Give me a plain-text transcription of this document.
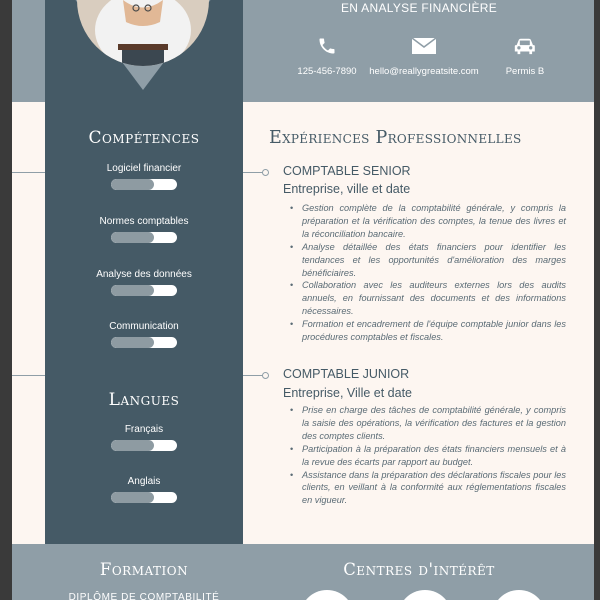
EN ANALYSE FINANCIÈRE
125-456-7890	hello@reallygreatsite.com	Permis B
Compétences
Logiciel financier
Normes comptables
Analyse des données
Communication
Langues
Français
Anglais
Expériences Professionnelles
COMPTABLE SENIOR
Entreprise, ville et date
• Gestion complète de la comptabilité générale, y compris la préparation et la vérification des comptes, la tenue des livres et la réconciliation bancaire.
• Analyse détaillée des états financiers pour identifier les tendances et les opportunités d'amélioration des marges bénéficiaires.
• Collaboration avec les auditeurs externes lors des audits annuels, en fournissant des documents et des informations nécessaires.
• Formation et encadrement de l'équipe comptable junior dans les procédures comptables et fiscales.
COMPTABLE JUNIOR
Entreprise, Ville et date
• Prise en charge des tâches de comptabilité générale, y compris la saisie des opérations, la vérification des factures et la gestion des comptes clients.
• Participation à la préparation des états financiers mensuels et à la revue des écarts par rapport au budget.
• Assistance dans la préparation des déclarations fiscales pour les clients, en veillant à la conformité aux réglementations fiscales en vigueur.
Formation
DIPLÔME DE COMPTABILITÉ
Centres d'intérêt
